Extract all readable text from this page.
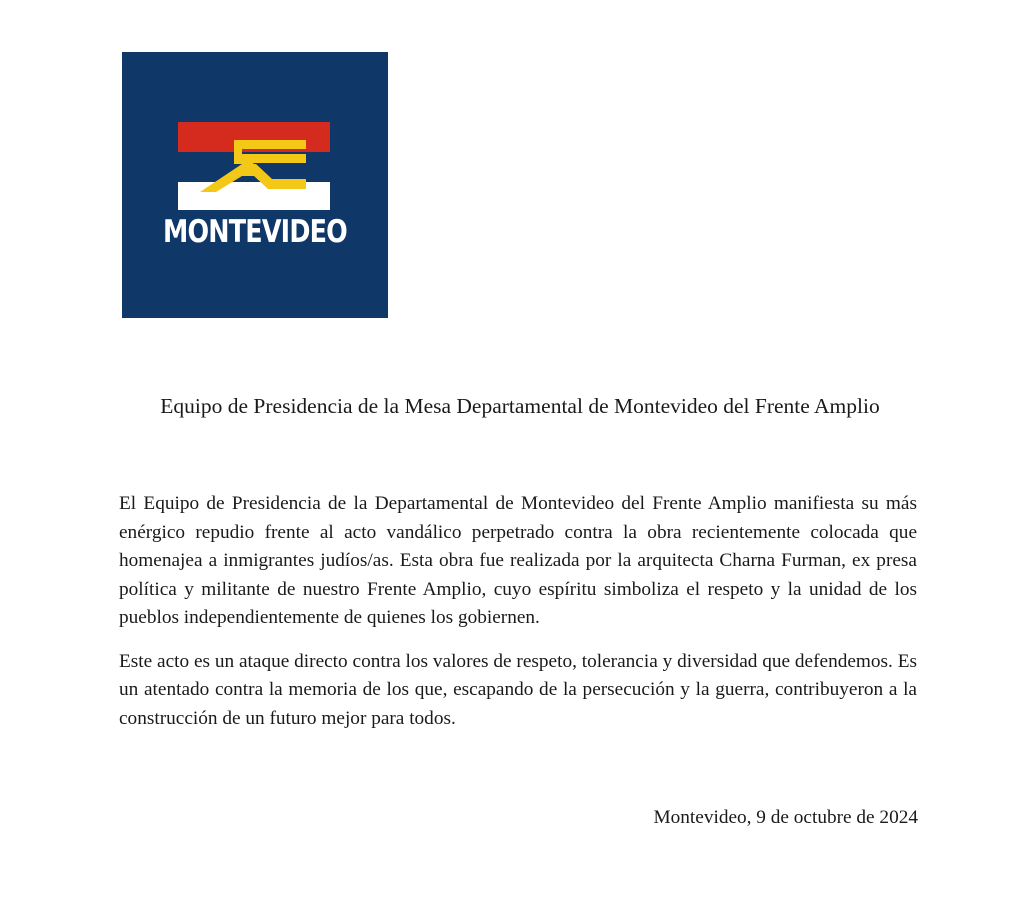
MONTEVIDEO
Equipo de Presidencia de la Mesa Departamental de Montevideo del Frente Amplio

El Equipo de Presidencia de la Departamental de Montevideo del Frente Amplio manifiesta su más enérgico repudio frente al acto vandálico perpetrado contra la obra recientemente colocada que homenajea a inmigrantes judíos/as. Esta obra fue realizada por la arquitecta Charna Furman, ex presa política y militante de nuestro Frente Amplio, cuyo espíritu simboliza el respeto y la unidad de los pueblos independientemente de quienes los gobiernen.

Este acto es un ataque directo contra los valores de respeto, tolerancia y diversidad que defendemos. Es un atentado contra la memoria de los que, escapando de la persecución y la guerra, contribuyeron a la construcción de un futuro mejor para todos.

Montevideo, 9 de octubre de 2024
